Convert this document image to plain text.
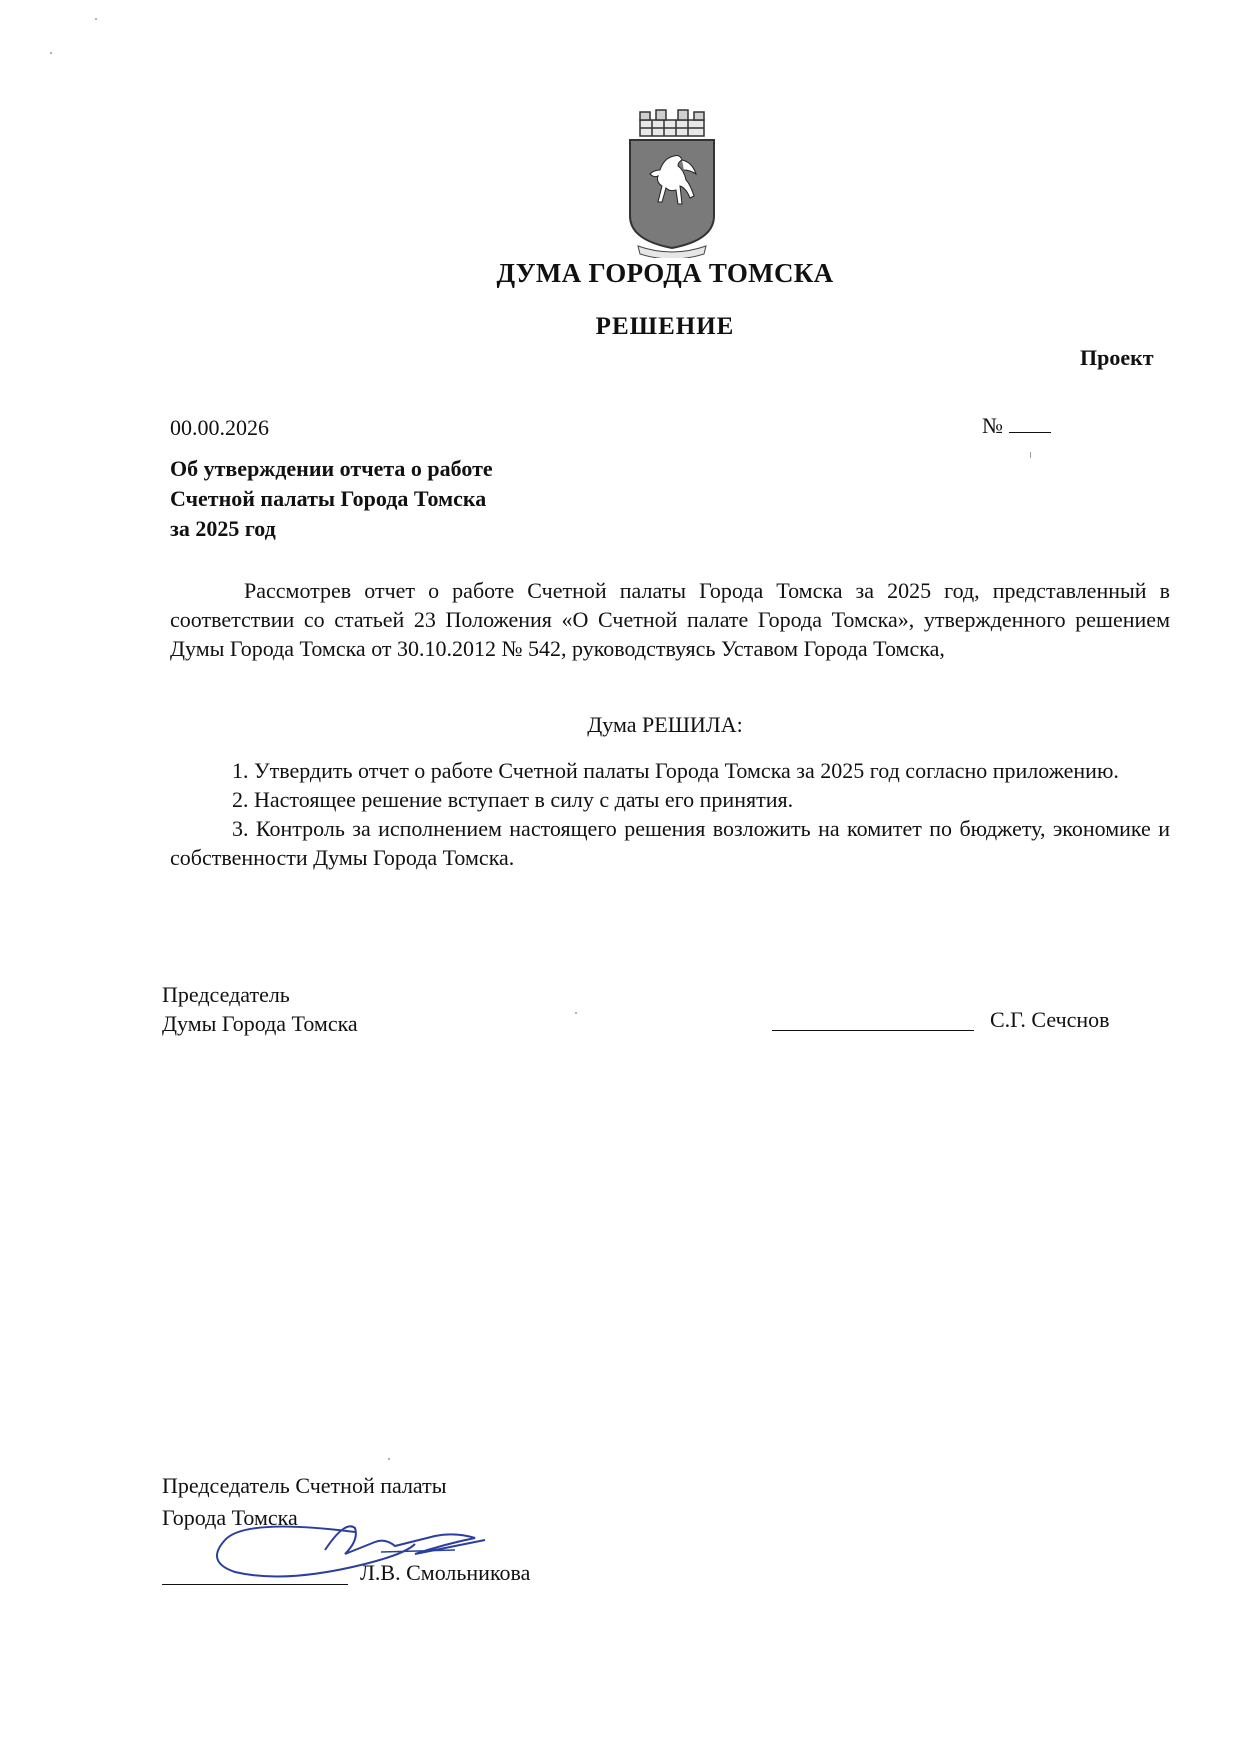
ДУМА ГОРОДА ТОМСКА
РЕШЕНИЕ
Проект
00.00.2026	№
Об утверждении отчета о работе
Счетной палаты Города Томска
за 2025 год

Рассмотрев отчет о работе Счетной палаты Города Томска за 2025 год, представленный в соответствии со статьей 23 Положения «О Счетной палате Города Томска», утвержденного решением Думы Города Томска от 30.10.2012 № 542, руководствуясь Уставом Города Томска,

Дума РЕШИЛА:

1. Утвердить отчет о работе Счетной палаты Города Томска за 2025 год согласно приложению.

2. Настоящее решение вступает в силу с даты его принятия.

3. Контроль за исполнением настоящего решения возложить на комитет по бюджету, экономике и собственности Думы Города Томска.

Председатель
Думы Города Томска	С.Г. Сечснов
Председатель Счетной палаты
Города Томска
Л.В. Смольникова
